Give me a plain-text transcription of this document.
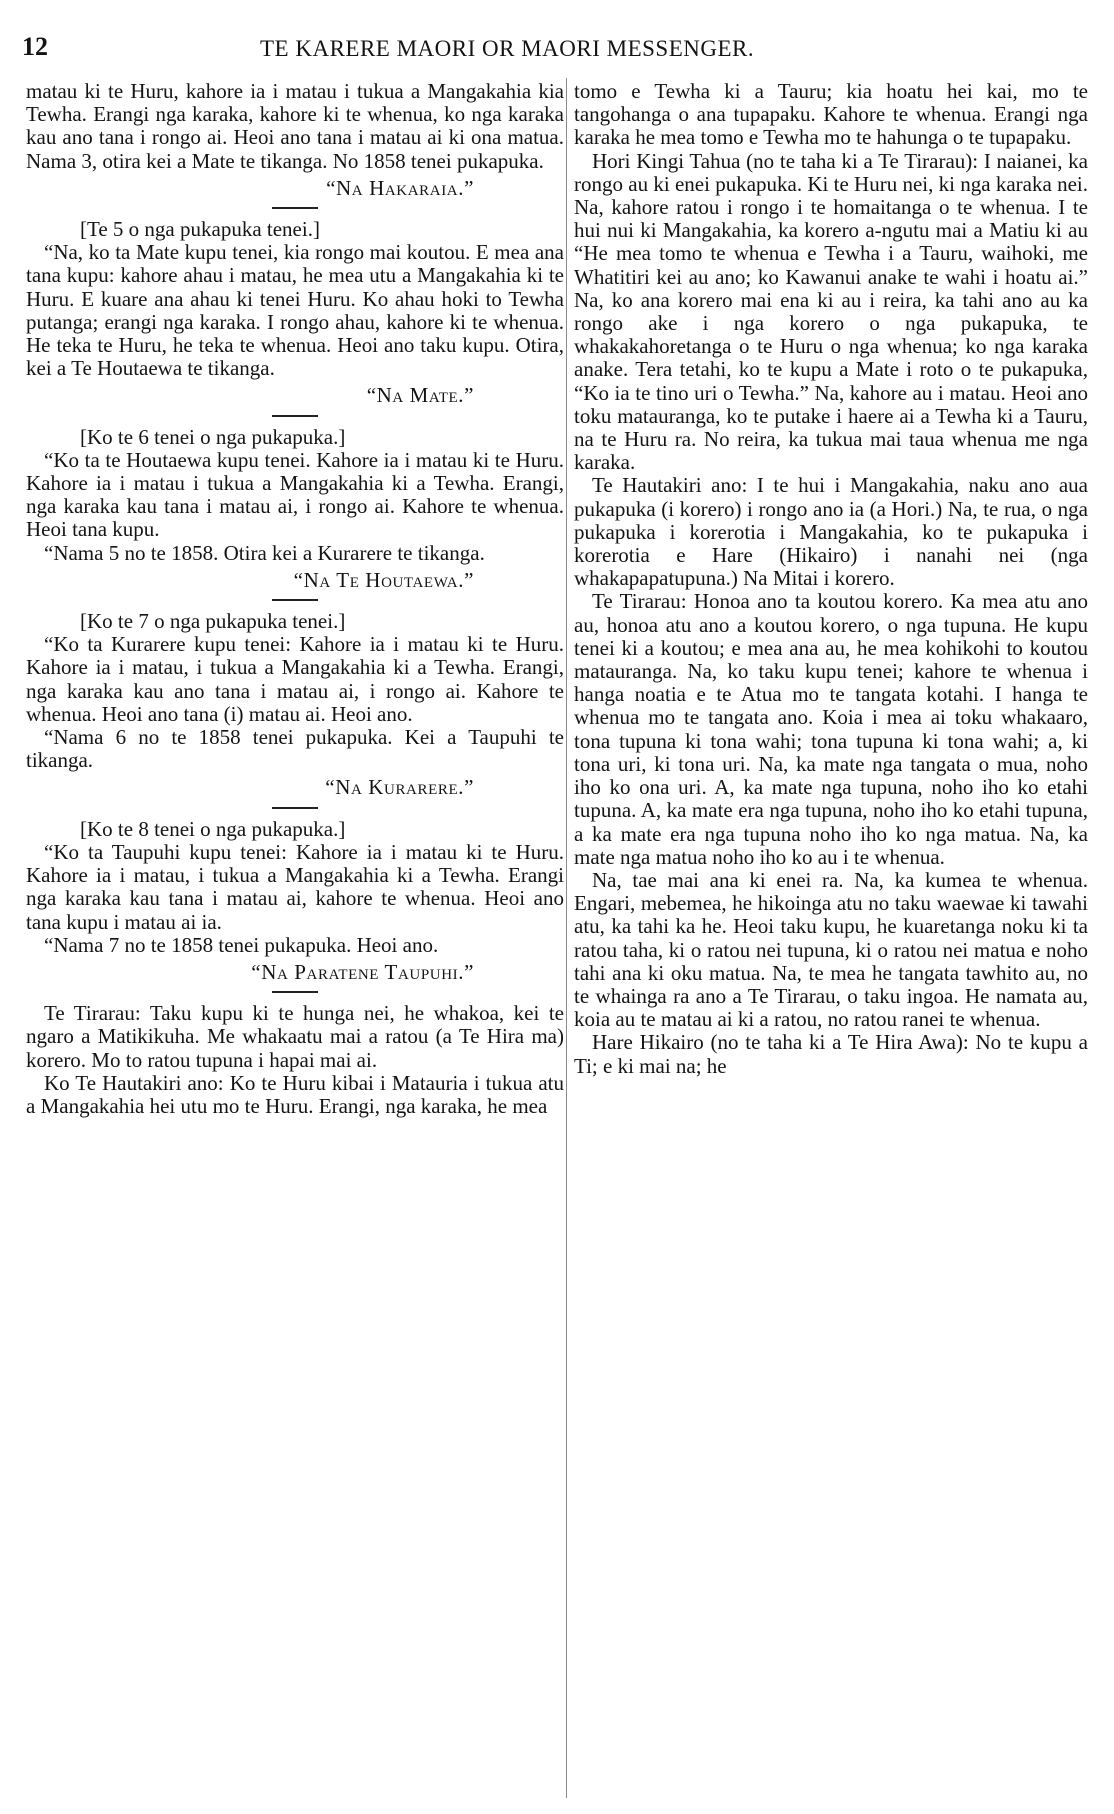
12	TE KARERE MAORI OR MAORI MESSENGER.

matau ki te Huru, kahore ia i matau i tukua a Mangakahia kia Tewha. Erangi nga karaka, kahore ki te whenua, ko nga karaka kau ano tana i rongo ai. Heoi ano tana i matau ai ki ona matua. Nama 3, otira kei a Mate te tikanga. No 1858 tenei pukapuka.

“Na Hakaraia.”

[Te 5 o nga pukapuka tenei.]

“Na, ko ta Mate kupu tenei, kia rongo mai koutou. E mea ana tana kupu: kahore ahau i matau, he mea utu a Mangakahia ki te Huru. E kuare ana ahau ki tenei Huru. Ko ahau hoki to Tewha putanga; erangi nga karaka. I rongo ahau, kahore ki te whenua. He teka te Huru, he teka te whenua. Heoi ano taku kupu. Otira, kei a Te Houtaewa te tikanga.

“Na Mate.”

[Ko te 6 tenei o nga pukapuka.]

“Ko ta te Houtaewa kupu tenei. Kahore ia i matau ki te Huru. Kahore ia i matau i tukua a Mangakahia ki a Tewha. Erangi, nga karaka kau tana i matau ai, i rongo ai. Kahore te whenua. Heoi tana kupu.

“Nama 5 no te 1858. Otira kei a Kurarere te tikanga.

“Na Te Houtaewa.”

[Ko te 7 o nga pukapuka tenei.]

“Ko ta Kurarere kupu tenei: Kahore ia i matau ki te Huru. Kahore ia i matau, i tukua a Mangakahia ki a Tewha. Erangi, nga karaka kau ano tana i matau ai, i rongo ai. Kahore te whenua. Heoi ano tana (i) matau ai. Heoi ano.

“Nama 6 no te 1858 tenei pukapuka. Kei a Taupuhi te tikanga.

“Na Kurarere.”

[Ko te 8 tenei o nga pukapuka.]

“Ko ta Taupuhi kupu tenei: Kahore ia i matau ki te Huru. Kahore ia i matau, i tukua a Mangakahia ki a Tewha. Erangi nga karaka kau tana i matau ai, kahore te whenua. Heoi ano tana kupu i matau ai ia.

“Nama 7 no te 1858 tenei pukapuka. Heoi ano.

“Na Paratene Taupuhi.”

Te Tirarau: Taku kupu ki te hunga nei, he whakoa, kei te ngaro a Matikikuha. Me whakaatu mai a ratou (a Te Hira ma) korero. Mo to ratou tupuna i hapai mai ai.

Ko Te Hautakiri ano: Ko te Huru kibai i Matauria i tukua atu a Mangakahia hei utu mo te Huru. Erangi, nga karaka, he mea

tomo e Tewha ki a Tauru; kia hoatu hei kai, mo te tangohanga o ana tupapaku. Kahore te whenua. Erangi nga karaka he mea tomo e Tewha mo te hahunga o te tupapaku.

Hori Kingi Tahua (no te taha ki a Te Tirarau): I naianei, ka rongo au ki enei pukapuka. Ki te Huru nei, ki nga karaka nei. Na, kahore ratou i rongo i te homaitanga o te whenua. I te hui nui ki Mangakahia, ka korero a-ngutu mai a Matiu ki au “He mea tomo te whenua e Tewha i a Tauru, waihoki, me Whatitiri kei au ano; ko Kawanui anake te wahi i hoatu ai.” Na, ko ana korero mai ena ki au i reira, ka tahi ano au ka rongo ake i nga korero o nga pukapuka, te whakakahoretanga o te Huru o nga whenua; ko nga karaka anake. Tera tetahi, ko te kupu a Mate i roto o te pukapuka, “Ko ia te tino uri o Tewha.” Na, kahore au i matau. Heoi ano toku matauranga, ko te putake i haere ai a Tewha ki a Tauru, na te Huru ra. No reira, ka tukua mai taua whenua me nga karaka.

Te Hautakiri ano: I te hui i Mangakahia, naku ano aua pukapuka (i korero) i rongo ano ia (a Hori.) Na, te rua, o nga pukapuka i korerotia i Mangakahia, ko te pukapuka i korerotia e Hare (Hikairo) i nanahi nei (nga whakapapatupuna.) Na Mitai i korero.

Te Tirarau: Honoa ano ta koutou korero. Ka mea atu ano au, honoa atu ano a koutou korero, o nga tupuna. He kupu tenei ki a koutou; e mea ana au, he mea kohikohi to koutou matauranga. Na, ko taku kupu tenei; kahore te whenua i hanga noatia e te Atua mo te tangata kotahi. I hanga te whenua mo te tangata ano. Koia i mea ai toku whakaaro, tona tupuna ki tona wahi; tona tupuna ki tona wahi; a, ki tona uri, ki tona uri. Na, ka mate nga tangata o mua, noho iho ko ona uri. A, ka mate nga tupuna, noho iho ko etahi tupuna. A, ka mate era nga tupuna, noho iho ko etahi tupuna, a ka mate era nga tupuna noho iho ko nga matua. Na, ka mate nga matua noho iho ko au i te whenua.

Na, tae mai ana ki enei ra. Na, ka kumea te whenua. Engari, mebemea, he hikoinga atu no taku waewae ki tawahi atu, ka tahi ka he. Heoi taku kupu, he kuaretanga noku ki ta ratou taha, ki o ratou nei tupuna, ki o ratou nei matua e noho tahi ana ki oku matua. Na, te mea he tangata tawhito au, no te whainga ra ano a Te Tirarau, o taku ingoa. He namata au, koia au te matau ai ki a ratou, no ratou ranei te whenua.

Hare Hikairo (no te taha ki a Te Hira Awa): No te kupu a Ti; e ki mai na; he
